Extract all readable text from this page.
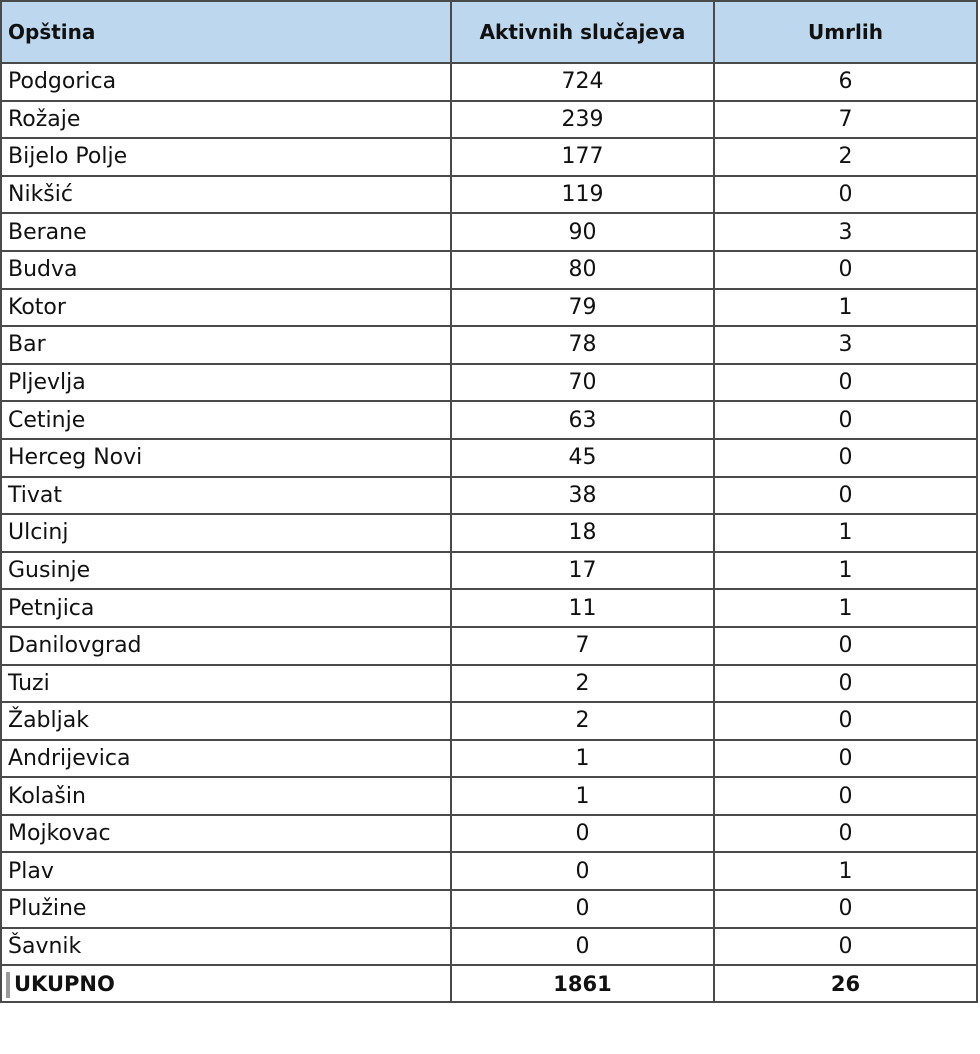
Opština	Aktivnih slučajeva	Umrlih
Podgorica	724	6
Rožaje	239	7
Bijelo Polje	177	2
Nikšić	119	0
Berane	90	3
Budva	80	0
Kotor	79	1
Bar	78	3
Pljevlja	70	0
Cetinje	63	0
Herceg Novi	45	0
Tivat	38	0
Ulcinj	18	1
Gusinje	17	1
Petnjica	11	1
Danilovgrad	7	0
Tuzi	2	0
Žabljak	2	0
Andrijevica	1	0
Kolašin	1	0
Mojkovac	0	0
Plav	0	1
Plužine	0	0
Šavnik	0	0

UKUPNO	1861	26
